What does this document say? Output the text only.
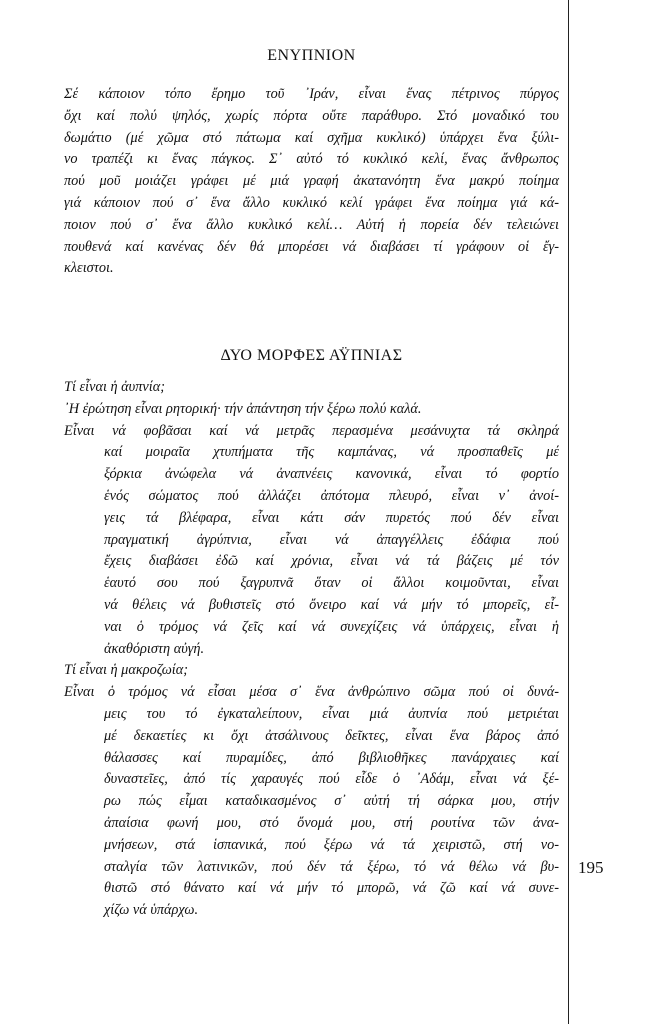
ΕΝΥΠΝΙΟΝ
Σέ κάποιον τόπο ἔρημο τοῦ ᾿Ιράν, εἶναι ἕνας πέτρινος πύργος
ὄχι καί πολύ ψηλός, χωρίς πόρτα οὔτε παράθυρο. Στό μοναδικό του
δωμάτιο (μέ χῶμα στό πάτωμα καί σχῆμα κυκλικό) ὑπάρχει ἕνα ξύλι-
νο τραπέζι κι ἕνας πάγκος. Σ᾿ αὐτό τό κυκλικό κελί, ἕνας ἄνθρωπος
πού μοῦ μοιάζει γράφει μέ μιά γραφή ἀκατανόητη ἕνα μακρύ ποίημα
γιά κάποιον πού σ᾿ ἕνα ἄλλο κυκλικό κελί γράφει ἕνα ποίημα γιά κά-
ποιον πού σ᾿ ἕνα ἄλλο κυκλικό κελί… Αὐτή ἡ πορεία δέν τελειώνει
πουθενά καί κανένας δέν θά μπορέσει νά διαβάσει τί γράφουν οἱ ἔγ-
κλειστοι.
ΔΥΟ ΜΟΡΦΕΣ ΑΫΠΝΙΑΣ
Τί εἶναι ἡ ἀυπνία;
᾿Η ἐρώτηση εἶναι ρητορική· τήν ἀπάντηση τήν ξέρω πολύ καλά.
Εἶναι νά φοβᾶσαι καί νά μετρᾶς περασμένα μεσάνυχτα τά σκληρά
καί μοιραῖα χτυπήματα τῆς καμπάνας, νά προσπαθεῖς μέ
ξόρκια ἀνώφελα νά ἀναπνέεις κανονικά, εἶναι τό φορτίο
ἑνός σώματος πού ἀλλάζει ἀπότομα πλευρό, εἶναι ν᾿ ἀνοί-
γεις τά βλέφαρα, εἶναι κάτι σάν πυρετός πού δέν εἶναι
πραγματική ἀγρύπνια, εἶναι νά ἀπαγγέλλεις ἐδάφια πού
ἔχεις διαβάσει ἐδῶ καί χρόνια, εἶναι νά τά βάζεις μέ τόν
ἑαυτό σου πού ξαγρυπνᾶ ὅταν οἱ ἄλλοι κοιμοῦνται, εἶναι
νά θέλεις νά βυθιστεῖς στό ὄνειρο καί νά μήν τό μπορεῖς, εἶ-
ναι ὁ τρόμος νά ζεῖς καί νά συνεχίζεις νά ὑπάρχεις, εἶναι ἡ
ἀκαθόριστη αὐγή.
Τί εἶναι ἡ μακροζωία;
Εἶναι ὁ τρόμος νά εἶσαι μέσα σ᾿ ἕνα ἀνθρώπινο σῶμα πού οἱ δυνά-
μεις του τό ἐγκαταλείπουν, εἶναι μιά ἀυπνία πού μετριέται
μέ δεκαετίες κι ὄχι ἀτσάλινους δεῖκτες, εἶναι ἕνα βάρος ἀπό
θάλασσες καί πυραμίδες, ἀπό βιβλιοθῆκες πανάρχαιες καί
δυναστεῖες, ἀπό τίς χαραυγές πού εἶδε ὁ ᾿Αδάμ, εἶναι νά ξέ-
ρω πώς εἶμαι καταδικασμένος σ᾿ αὐτή τή σάρκα μου, στήν
ἀπαίσια φωνή μου, στό ὄνομά μου, στή ρουτίνα τῶν ἀνα-
μνήσεων, στά ἱσπανικά, πού ξέρω νά τά χειριστῶ, στή νο-
σταλγία τῶν λατινικῶν, πού δέν τά ξέρω, τό νά θέλω νά βυ-
θιστῶ στό θάνατο καί νά μήν τό μπορῶ, νά ζῶ καί νά συνε-
χίζω νά ὑπάρχω.
195
